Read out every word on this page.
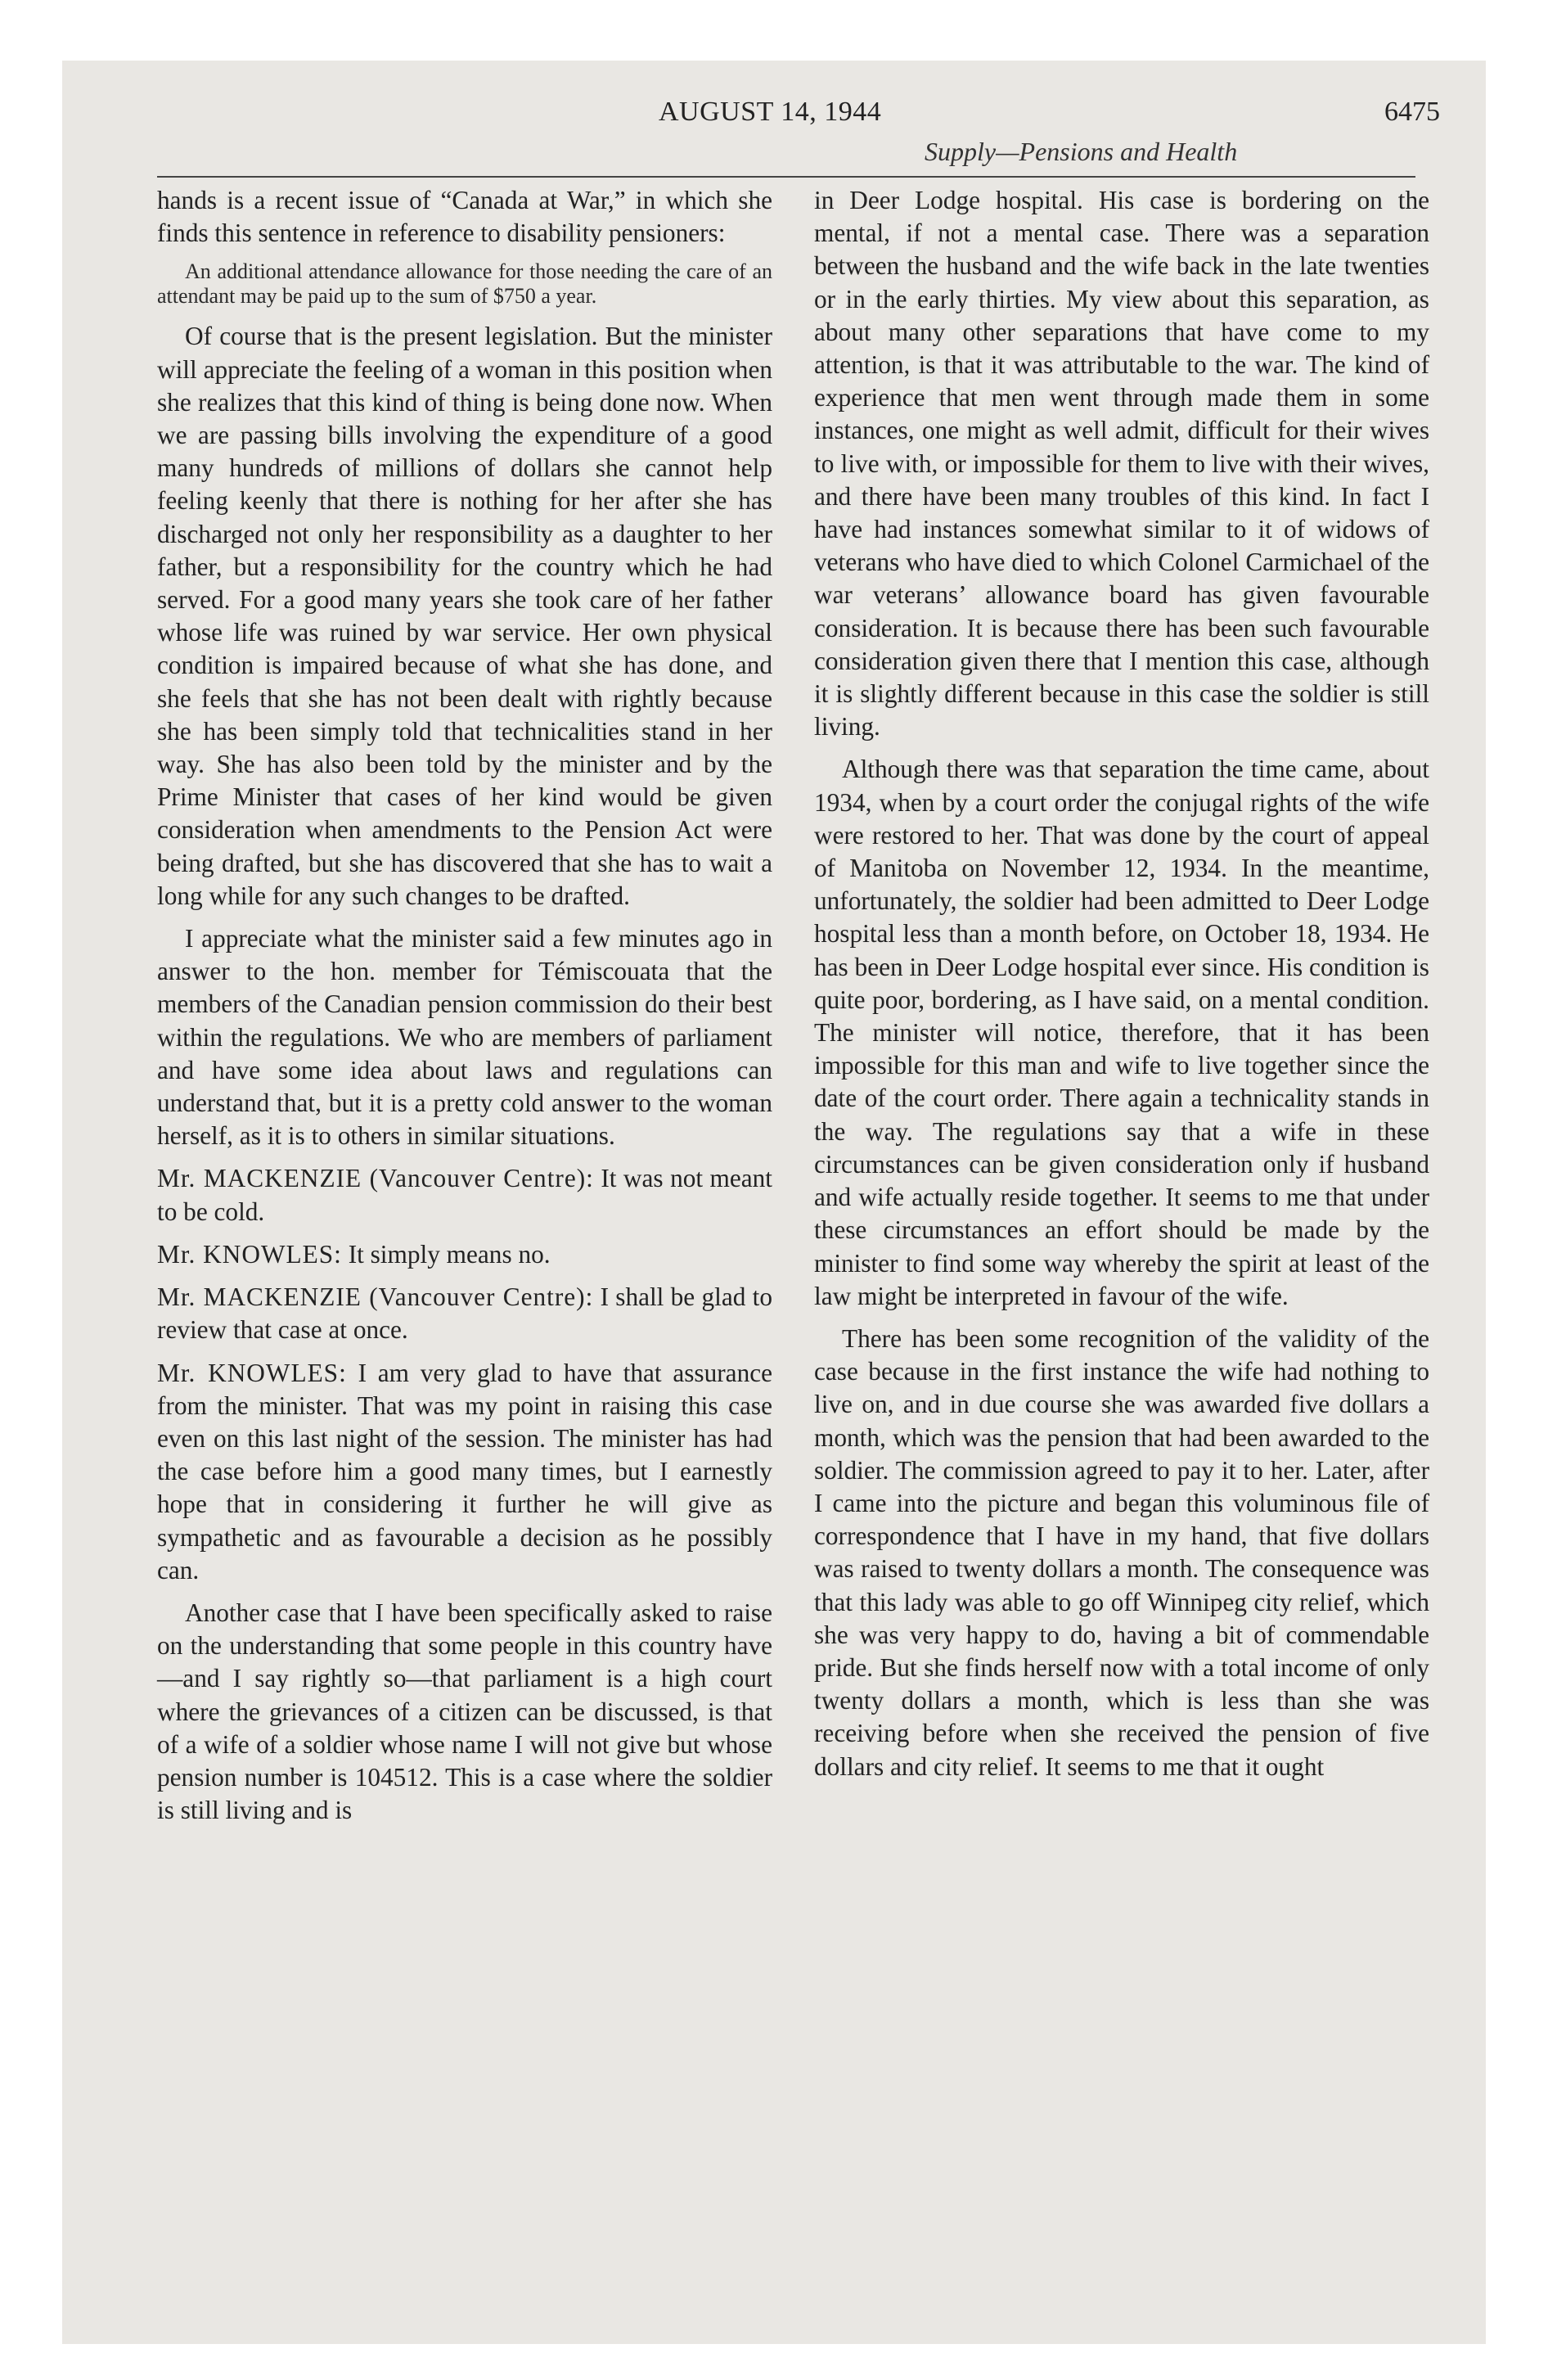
AUGUST 14, 1944	6475
Supply—Pensions and Health

hands is a recent issue of “Canada at War,” in which she finds this sentence in reference to disability pensioners:

An additional attendance allowance for those needing the care of an attendant may be paid up to the sum of $750 a year.

Of course that is the present legislation. But the minister will appreciate the feeling of a woman in this position when she realizes that this kind of thing is being done now. When we are passing bills involving the expenditure of a good many hundreds of millions of dollars she cannot help feeling keenly that there is nothing for her after she has discharged not only her responsibility as a daughter to her father, but a responsibility for the country which he had served. For a good many years she took care of her father whose life was ruined by war service. Her own physical condition is impaired because of what she has done, and she feels that she has not been dealt with rightly because she has been simply told that technicalities stand in her way. She has also been told by the minister and by the Prime Minister that cases of her kind would be given consideration when amendments to the Pension Act were being drafted, but she has discovered that she has to wait a long while for any such changes to be drafted.

I appreciate what the minister said a few minutes ago in answer to the hon. member for Témiscouata that the members of the Canadian pension commission do their best within the regulations. We who are members of parliament and have some idea about laws and regulations can understand that, but it is a pretty cold answer to the woman herself, as it is to others in similar situations.

Mr. MACKENZIE (Vancouver Centre): It was not meant to be cold.

Mr. KNOWLES: It simply means no.

Mr. MACKENZIE (Vancouver Centre): I shall be glad to review that case at once.

Mr. KNOWLES: I am very glad to have that assurance from the minister. That was my point in raising this case even on this last night of the session. The minister has had the case before him a good many times, but I earnestly hope that in considering it further he will give as sympathetic and as favourable a decision as he possibly can.

Another case that I have been specifically asked to raise on the understanding that some people in this country have—and I say rightly so—that parliament is a high court where the grievances of a citizen can be discussed, is that of a wife of a soldier whose name I will not give but whose pension number is 104512. This is a case where the soldier is still living and is

in Deer Lodge hospital. His case is bordering on the mental, if not a mental case. There was a separation between the husband and the wife back in the late twenties or in the early thirties. My view about this separation, as about many other separations that have come to my attention, is that it was attributable to the war. The kind of experience that men went through made them in some instances, one might as well admit, difficult for their wives to live with, or impossible for them to live with their wives, and there have been many troubles of this kind. In fact I have had instances somewhat similar to it of widows of veterans who have died to which Colonel Carmichael of the war veterans’ allowance board has given favourable consideration. It is because there has been such favourable consideration given there that I mention this case, although it is slightly different because in this case the soldier is still living.

Although there was that separation the time came, about 1934, when by a court order the conjugal rights of the wife were restored to her. That was done by the court of appeal of Manitoba on November 12, 1934. In the meantime, unfortunately, the soldier had been admitted to Deer Lodge hospital less than a month before, on October 18, 1934. He has been in Deer Lodge hospital ever since. His condition is quite poor, bordering, as I have said, on a mental condition. The minister will notice, therefore, that it has been impossible for this man and wife to live together since the date of the court order. There again a technicality stands in the way. The regulations say that a wife in these circumstances can be given consideration only if husband and wife actually reside together. It seems to me that under these circumstances an effort should be made by the minister to find some way whereby the spirit at least of the law might be interpreted in favour of the wife.

There has been some recognition of the validity of the case because in the first instance the wife had nothing to live on, and in due course she was awarded five dollars a month, which was the pension that had been awarded to the soldier. The commission agreed to pay it to her. Later, after I came into the picture and began this voluminous file of correspondence that I have in my hand, that five dollars was raised to twenty dollars a month. The consequence was that this lady was able to go off Winnipeg city relief, which she was very happy to do, having a bit of commendable pride. But she finds herself now with a total income of only twenty dollars a month, which is less than she was receiving before when she received the pension of five dollars and city relief. It seems to me that it ought
